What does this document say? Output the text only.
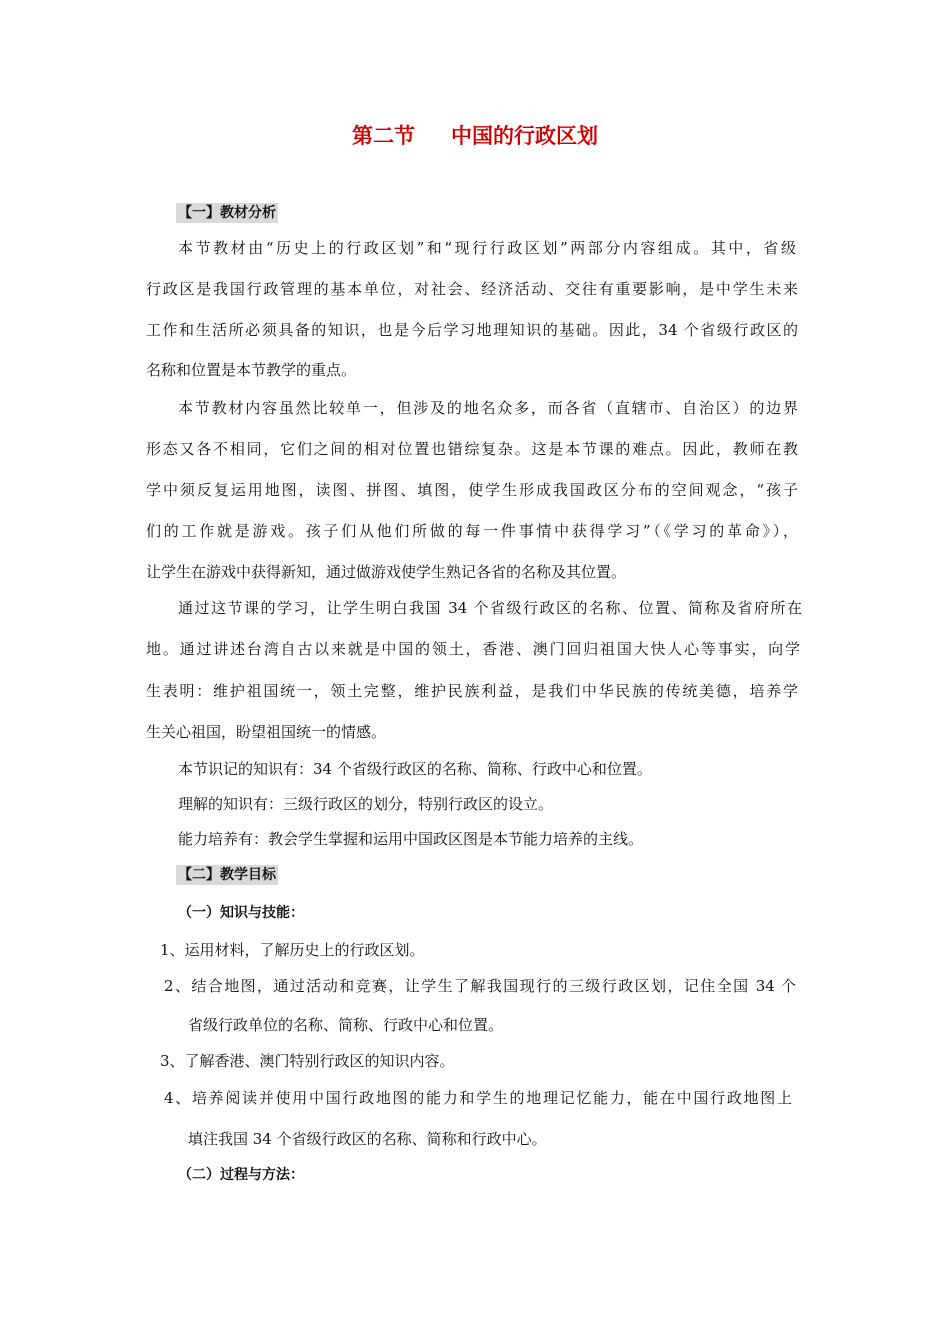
第二节 中国的行政区划
【一】教材分析
本节教材由“历史上的行政区划”和“现行行政区划”两部分内容组成。其中，省级
行政区是我国行政管理的基本单位，对社会、经济活动、交往有重要影响，是中学生未来
工作和生活所必须具备的知识，也是今后学习地理知识的基础。因此，34 个省级行政区的
名称和位置是本节教学的重点。
本节教材内容虽然比较单一，但涉及的地名众多，而各省（直辖市、自治区）的边界
形态又各不相同，它们之间的相对位置也错综复杂。这是本节课的难点。因此，教师在教
学中须反复运用地图，读图、拼图、填图，使学生形成我国政区分布的空间观念，“孩子
们的工作就是游戏。孩子们从他们所做的每一件事情中获得学习”（《学习的革命》），
让学生在游戏中获得新知，通过做游戏使学生熟记各省的名称及其位置。
通过这节课的学习，让学生明白我国 34 个省级行政区的名称、位置、简称及省府所在
地。通过讲述台湾自古以来就是中国的领土，香港、澳门回归祖国大快人心等事实，向学
生表明：维护祖国统一，领土完整，维护民族利益，是我们中华民族的传统美德，培养学
生关心祖国，盼望祖国统一的情感。
本节识记的知识有：34 个省级行政区的名称、简称、行政中心和位置。
理解的知识有：三级行政区的划分，特别行政区的设立。
能力培养有：教会学生掌握和运用中国政区图是本节能力培养的主线。
【二】教学目标
（一）知识与技能：
1、运用材料，了解历史上的行政区划。
2、结合地图，通过活动和竞赛，让学生了解我国现行的三级行政区划，记住全国 34 个
省级行政单位的名称、简称、行政中心和位置。
3、了解香港、澳门特别行政区的知识内容。
4、培养阅读并使用中国行政地图的能力和学生的地理记忆能力，能在中国行政地图上
填注我国 34 个省级行政区的名称、简称和行政中心。
（二）过程与方法：
